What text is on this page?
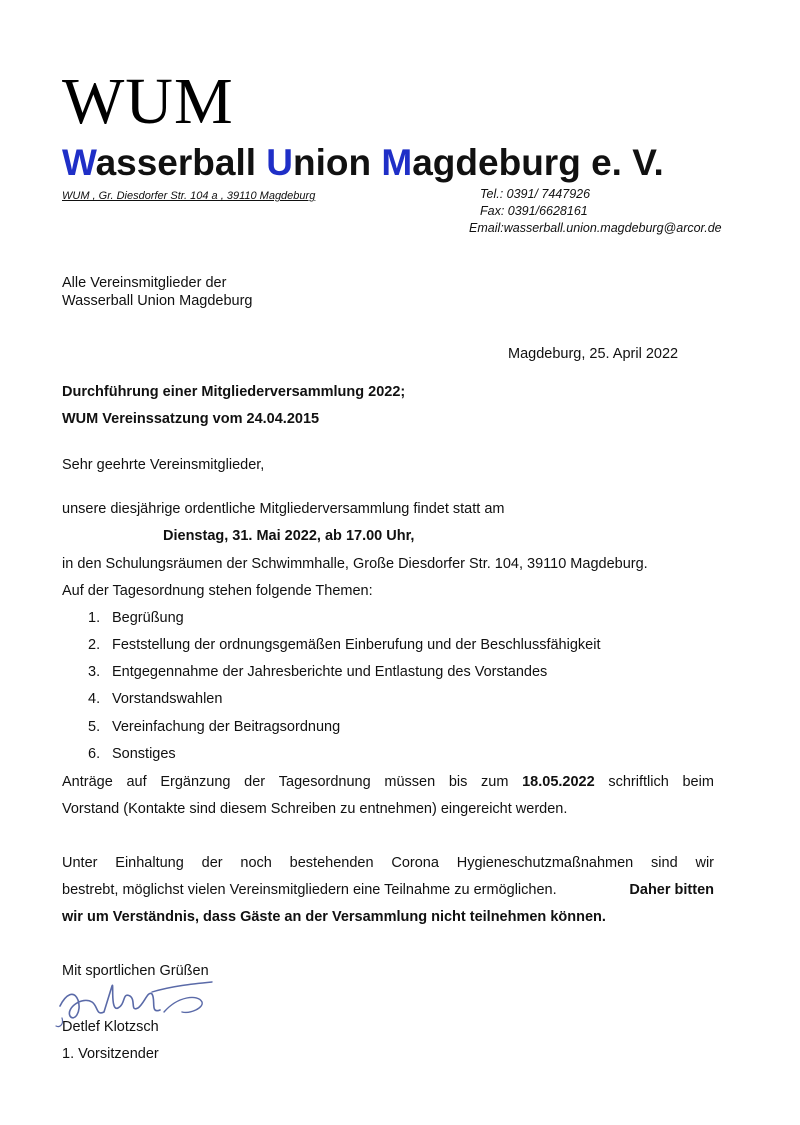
WUM
Wasserball Union Magdeburg e. V.
WUM , Gr. Diesdorfer Str. 104 a , 39110 Magdeburg	Tel.: 0391/ 7447926
Fax: 0391/6628161
Email:wasserball.union.magdeburg@arcor.de
Alle Vereinsmitglieder der
Wasserball Union Magdeburg
Magdeburg, 25. April 2022
Durchführung einer Mitgliederversammlung 2022;
WUM Vereinssatzung vom 24.04.2015
Sehr geehrte Vereinsmitglieder,
unsere diesjährige ordentliche Mitgliederversammlung findet statt am
Dienstag, 31. Mai 2022, ab 17.00 Uhr,
in den Schulungsräumen der Schwimmhalle, Große Diesdorfer Str. 104, 39110 Magdeburg.
Auf der Tagesordnung stehen folgende Themen:
1. Begrüßung
2. Feststellung der ordnungsgemäßen Einberufung und der Beschlussfähigkeit
3. Entgegennahme der Jahresberichte und Entlastung des Vorstandes
4. Vorstandswahlen
5. Vereinfachung der Beitragsordnung
6. Sonstiges
Anträge auf Ergänzung der Tagesordnung müssen bis zum 18.05.2022 schriftlich beim
Vorstand (Kontakte sind diesem Schreiben zu entnehmen) eingereicht werden.
Unter Einhaltung der noch bestehenden Corona Hygieneschutzmaßnahmen sind wir
bestrebt, möglichst vielen Vereinsmitgliedern eine Teilnahme zu ermöglichen.	Daher bitten
wir um Verständnis, dass Gäste an der Versammlung nicht teilnehmen können.
Mit sportlichen Grüßen
Detlef Klotzsch
1. Vorsitzender
